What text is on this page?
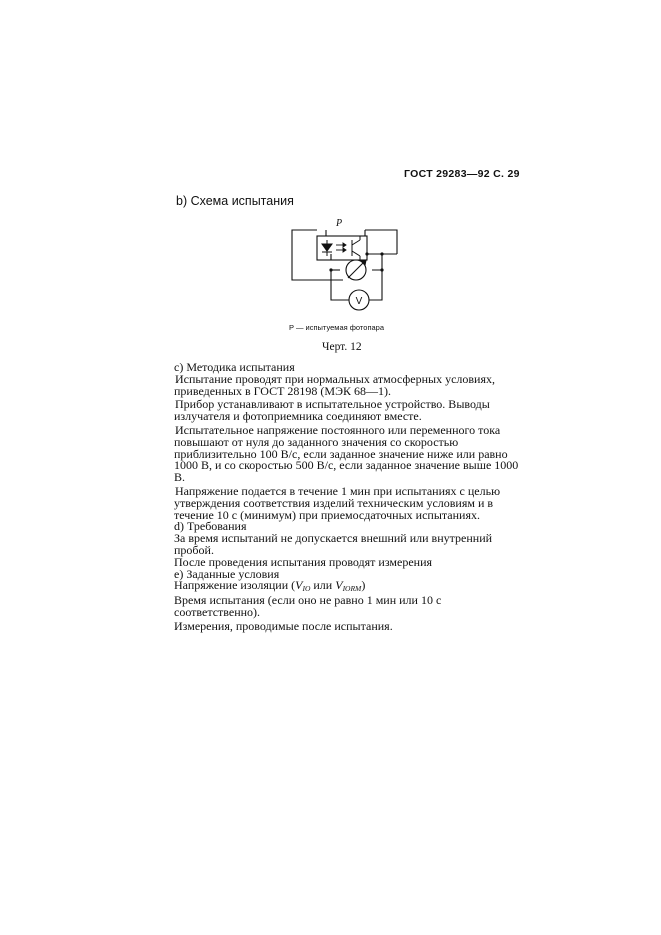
ГОСТ 29283—92 С. 29
b) Схема испытания
V
P
P — испытуемая фотопара
Черт. 12

с) Методика испытания

Испытание проводят при нормальных атмосферных условиях, приведенных в ГОСТ 28198 (МЭК 68—1).

Прибор устанавливают в испытательное устройство. Выводы излучателя и фотоприемника соединяют вместе.

Испытательное напряжение постоянного или переменного тока повышают от нуля до заданного значения со скоростью приблизительно 100 В/с, если заданное значение ниже или равно 1000 В, и со скоростью 500 В/с, если заданное значение выше 1000 В.

Напряжение подается в течение 1 мин при испытаниях с целью утверждения соответствия изделий техническим условиям и в течение 10 с (минимум) при приемосдаточных испытаниях.

d) Требования

За время испытаний не допускается внешний или внутренний пробой.

После проведения испытания проводят измерения

е) Заданные условия

Напряжение изоляции ($V_{IO}$ или $V_{IORM}$)

Время испытания (если оно не равно 1 мин или 10 с соответственно).

Измерения, проводимые после испытания.
